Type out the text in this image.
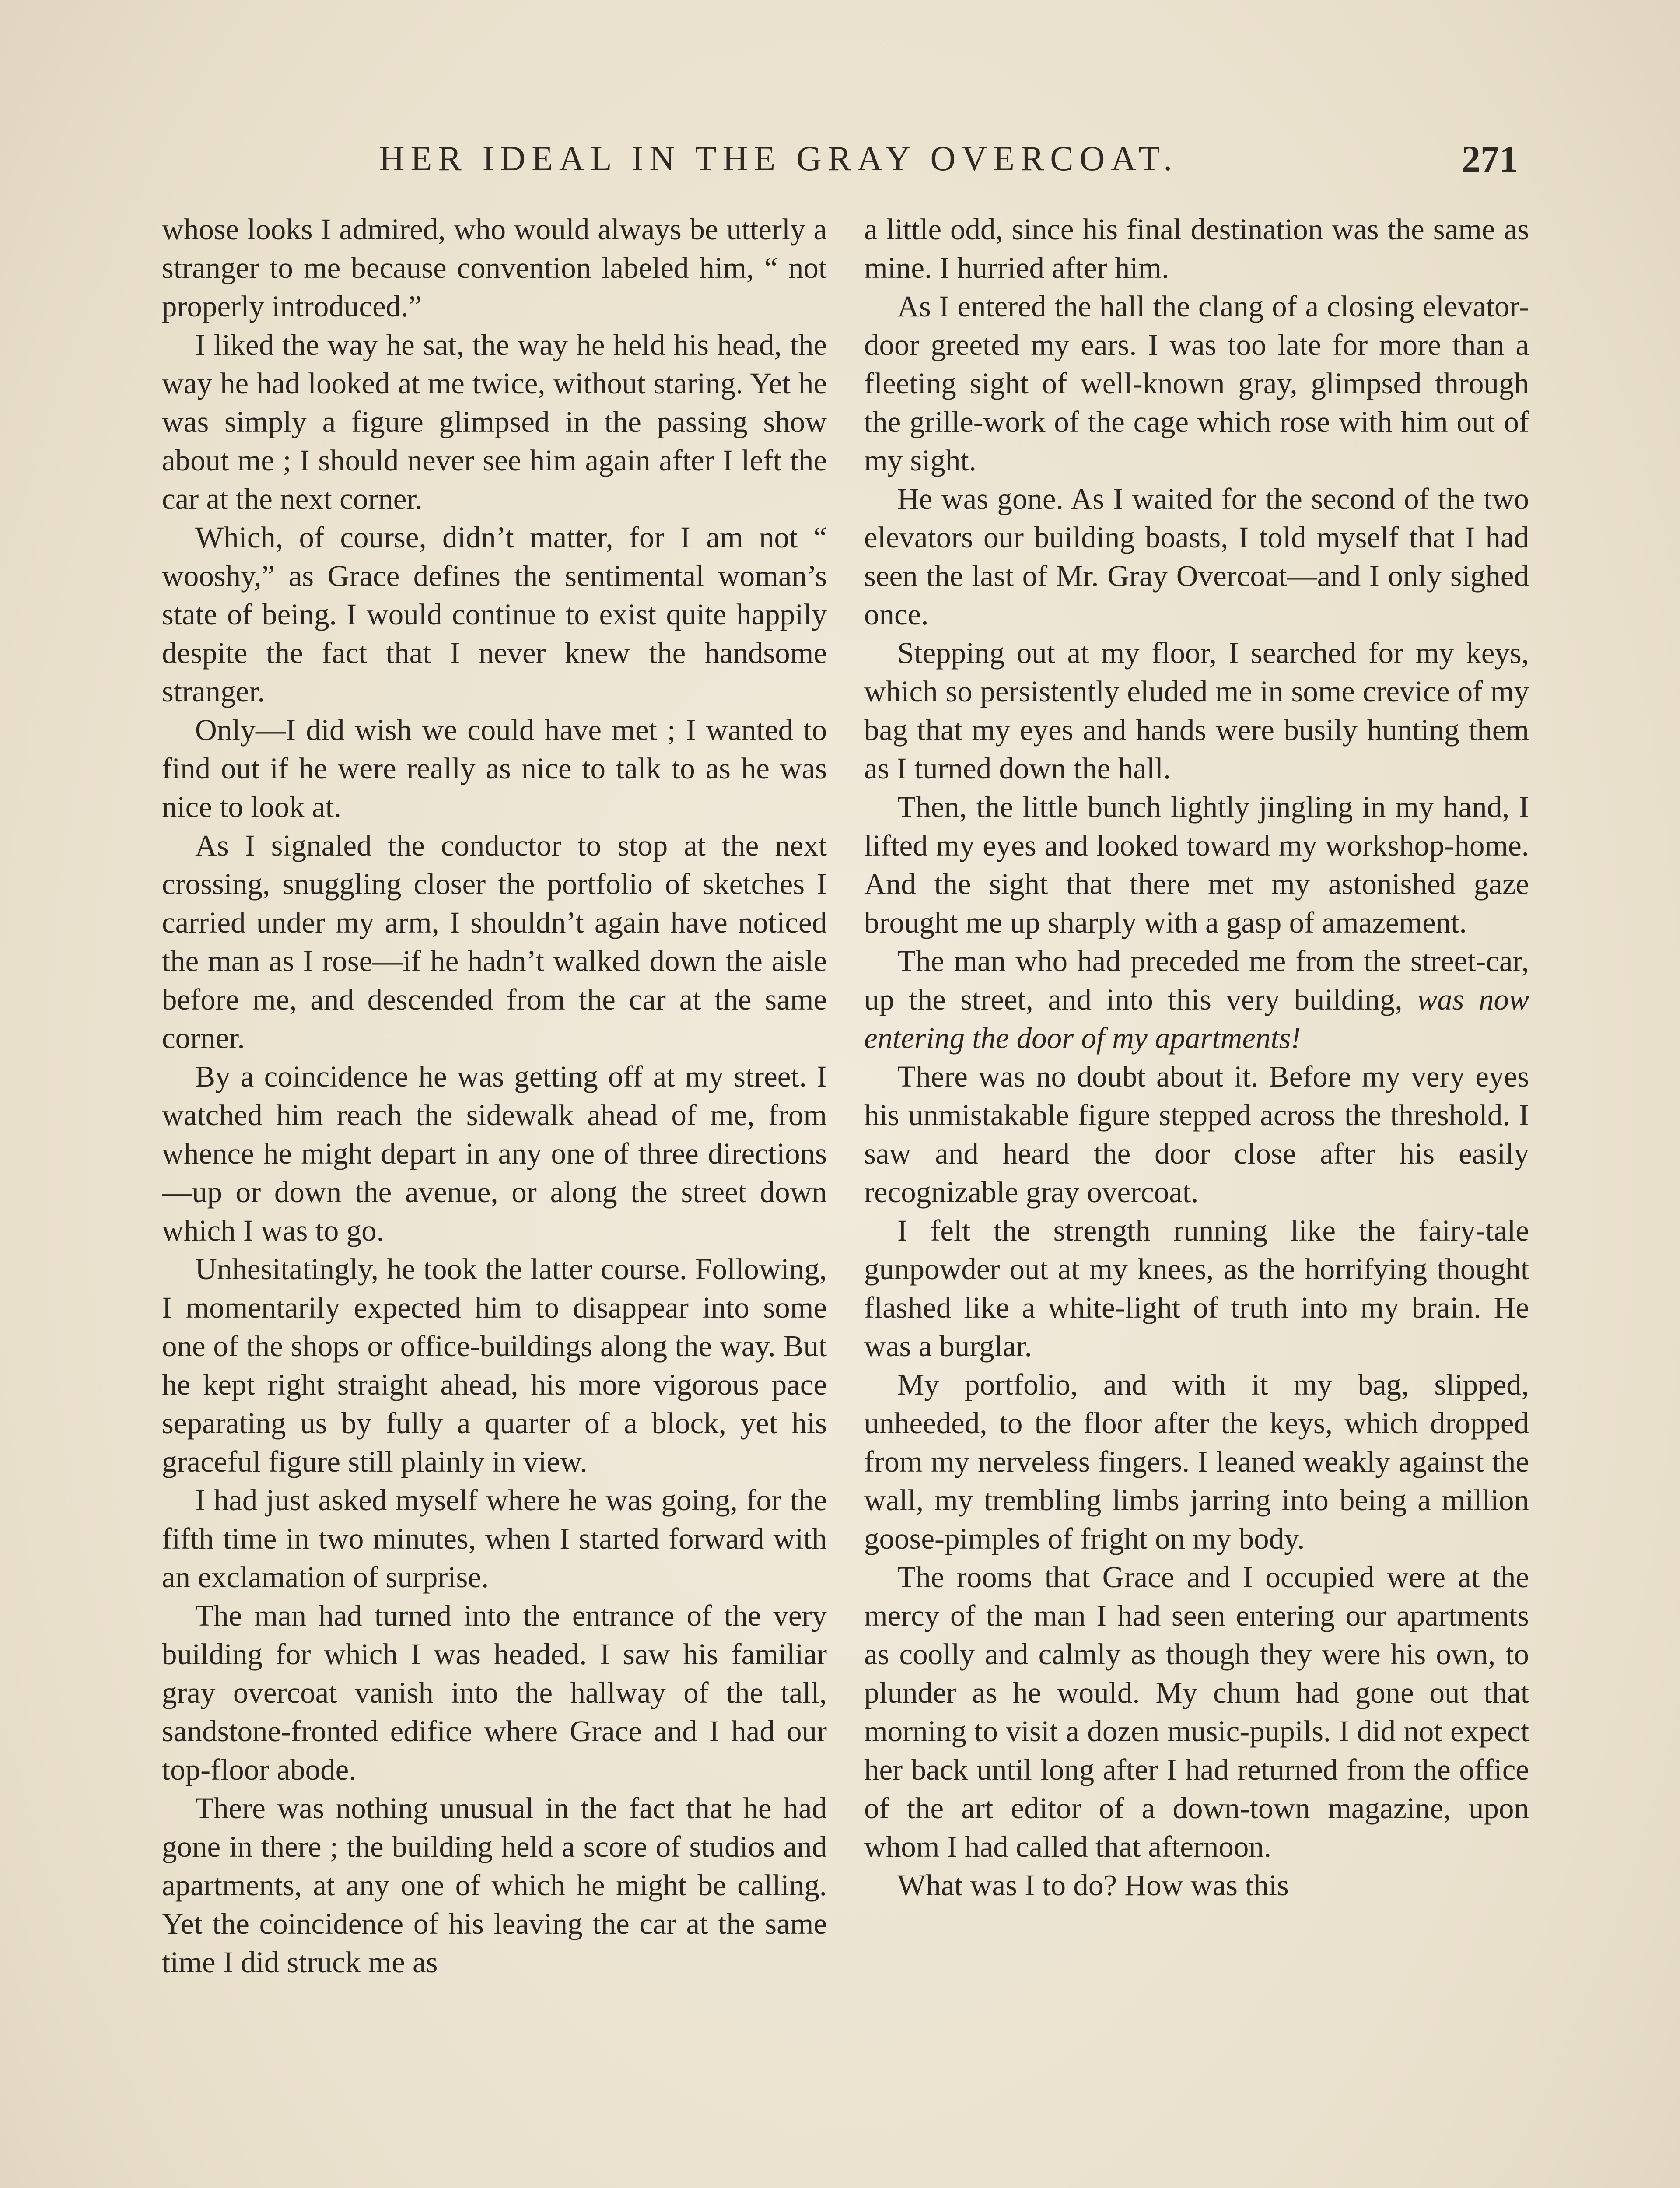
HER IDEAL IN THE GRAY OVERCOAT.	271

whose looks I admired, who would always be utterly a stranger to me because convention labeled him, “ not properly introduced.”

I liked the way he sat, the way he held his head, the way he had looked at me twice, without staring. Yet he was simply a figure glimpsed in the passing show about me ; I should never see him again after I left the car at the next corner.

Which, of course, didn’t matter, for I am not “ wooshy,” as Grace defines the sentimental woman’s state of being. I would continue to exist quite happily despite the fact that I never knew the handsome stranger.

Only—I did wish we could have met ; I wanted to find out if he were really as nice to talk to as he was nice to look at.

As I signaled the conductor to stop at the next crossing, snuggling closer the portfolio of sketches I carried under my arm, I shouldn’t again have noticed the man as I rose—if he hadn’t walked down the aisle before me, and descended from the car at the same corner.

By a coincidence he was getting off at my street. I watched him reach the sidewalk ahead of me, from whence he might depart in any one of three directions—up or down the avenue, or along the street down which I was to go.

Unhesitatingly, he took the latter course. Following, I momentarily expected him to disappear into some one of the shops or office-buildings along the way. But he kept right straight ahead, his more vigorous pace separating us by fully a quarter of a block, yet his graceful figure still plainly in view.

I had just asked myself where he was going, for the fifth time in two minutes, when I started forward with an exclamation of surprise.

The man had turned into the entrance of the very building for which I was headed. I saw his familiar gray overcoat vanish into the hallway of the tall, sandstone-fronted edifice where Grace and I had our top-floor abode.

There was nothing unusual in the fact that he had gone in there ; the building held a score of studios and apartments, at any one of which he might be calling. Yet the coincidence of his leaving the car at the same time I did struck me as

a little odd, since his final destination was the same as mine. I hurried after him.

As I entered the hall the clang of a closing elevator-door greeted my ears. I was too late for more than a fleeting sight of well-known gray, glimpsed through the grille-work of the cage which rose with him out of my sight.

He was gone. As I waited for the second of the two elevators our building boasts, I told myself that I had seen the last of Mr. Gray Overcoat—and I only sighed once.

Stepping out at my floor, I searched for my keys, which so persistently eluded me in some crevice of my bag that my eyes and hands were busily hunting them as I turned down the hall.

Then, the little bunch lightly jingling in my hand, I lifted my eyes and looked toward my workshop-home. And the sight that there met my astonished gaze brought me up sharply with a gasp of amazement.

The man who had preceded me from the street-car, up the street, and into this very building, was now entering the door of my apartments!

There was no doubt about it. Before my very eyes his unmistakable figure stepped across the threshold. I saw and heard the door close after his easily recognizable gray overcoat.

I felt the strength running like the fairy-tale gunpowder out at my knees, as the horrifying thought flashed like a white-light of truth into my brain. He was a burglar.

My portfolio, and with it my bag, slipped, unheeded, to the floor after the keys, which dropped from my nerveless fingers. I leaned weakly against the wall, my trembling limbs jarring into being a million goose-pimples of fright on my body.

The rooms that Grace and I occupied were at the mercy of the man I had seen entering our apartments as coolly and calmly as though they were his own, to plunder as he would. My chum had gone out that morning to visit a dozen music-pupils. I did not expect her back until long after I had returned from the office of the art editor of a down-town magazine, upon whom I had called that afternoon.

What was I to do? How was this
